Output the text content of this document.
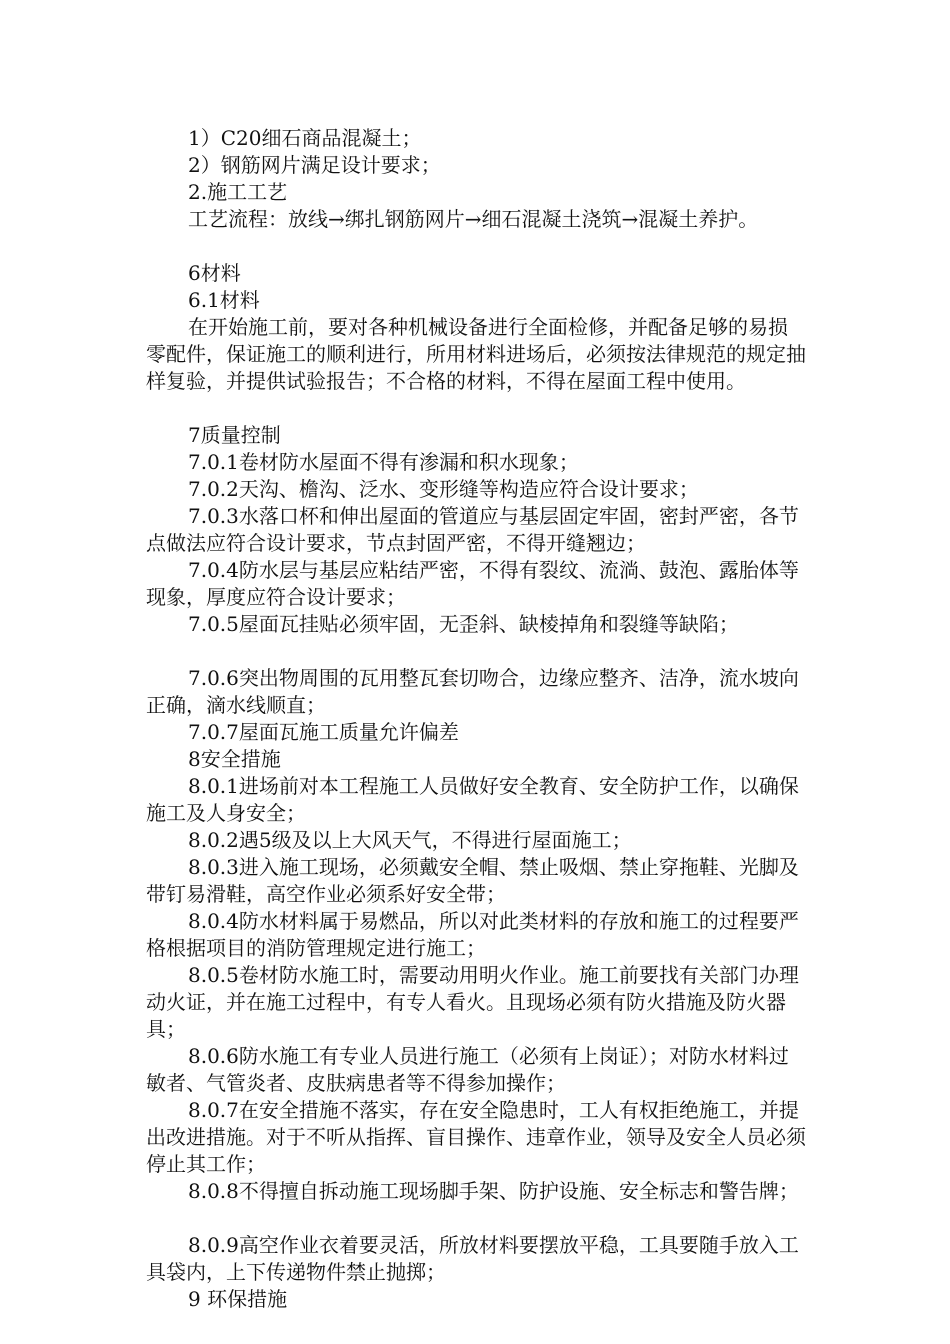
1）C20细石商品混凝土；
2）钢筋网片满足设计要求；
2.施工工艺
工艺流程：放线→绑扎钢筋网片→细石混凝土浇筑→混凝土养护。
6材料
6.1材料
在开始施工前，要对各种机械设备进行全面检修，并配备足够的易损零配件，保证施工的顺利进行，所用材料进场后，必须按法律规范的规定抽样复验，并提供试验报告；不合格的材料，不得在屋面工程中使用。
7质量控制
7.0.1卷材防水屋面不得有渗漏和积水现象；
7.0.2天沟、檐沟、泛水、变形缝等构造应符合设计要求；
7.0.3水落口杯和伸出屋面的管道应与基层固定牢固，密封严密，各节点做法应符合设计要求，节点封固严密，不得开缝翘边；
7.0.4防水层与基层应粘结严密，不得有裂纹、流淌、鼓泡、露胎体等现象，厚度应符合设计要求；
7.0.5屋面瓦挂贴必须牢固，无歪斜、缺棱掉角和裂缝等缺陷；
7.0.6突出物周围的瓦用整瓦套切吻合，边缘应整齐、洁净，流水坡向正确，滴水线顺直；
7.0.7屋面瓦施工质量允许偏差
8安全措施
8.0.1进场前对本工程施工人员做好安全教育、安全防护工作，以确保施工及人身安全；
8.0.2遇5级及以上大风天气，不得进行屋面施工；
8.0.3进入施工现场，必须戴安全帽、禁止吸烟、禁止穿拖鞋、光脚及带钉易滑鞋，高空作业必须系好安全带；
8.0.4防水材料属于易燃品，所以对此类材料的存放和施工的过程要严格根据项目的消防管理规定进行施工；
8.0.5卷材防水施工时，需要动用明火作业。施工前要找有关部门办理动火证，并在施工过程中，有专人看火。且现场必须有防火措施及防火器具；
8.0.6防水施工有专业人员进行施工（必须有上岗证）；对防水材料过敏者、气管炎者、皮肤病患者等不得参加操作；
8.0.7在安全措施不落实，存在安全隐患时，工人有权拒绝施工，并提出改进措施。对于不听从指挥、盲目操作、违章作业，领导及安全人员必须停止其工作；
8.0.8不得擅自拆动施工现场脚手架、防护设施、安全标志和警告牌；
8.0.9高空作业衣着要灵活，所放材料要摆放平稳，工具要随手放入工具袋内，上下传递物件禁止抛掷；
9 环保措施
